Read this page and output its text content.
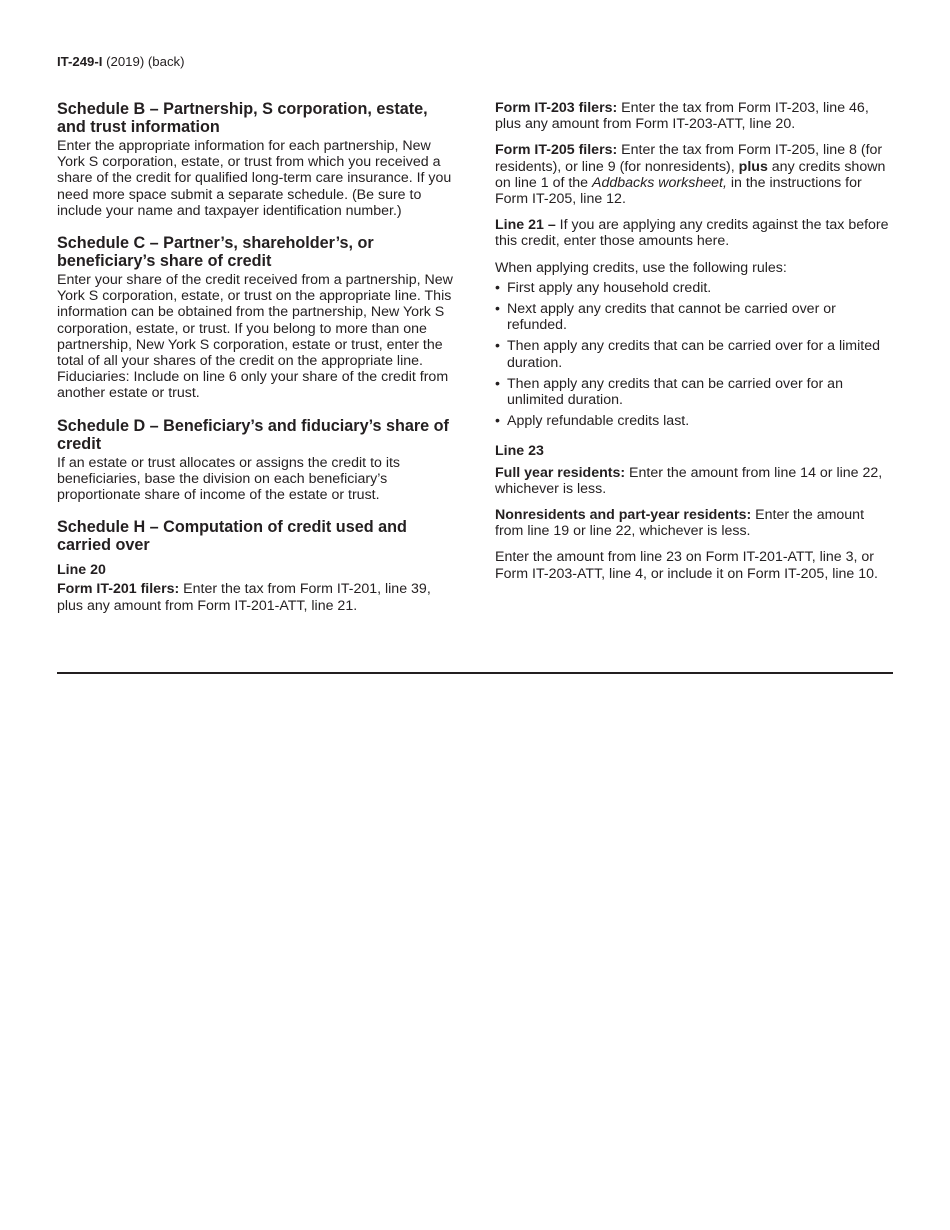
IT-249-I (2019) (back)
Schedule B – Partnership, S corporation, estate, and trust information

Enter the appropriate information for each partnership, New York S corporation, estate, or trust from which you received a share of the credit for qualified long-term care insurance. If you need more space submit a separate schedule. (Be sure to include your name and taxpayer identification number.)

Schedule C – Partner’s, shareholder’s, or beneficiary’s share of credit

Enter your share of the credit received from a partnership, New York S corporation, estate, or trust on the appropriate line. This information can be obtained from the partnership, New York S corporation, estate, or trust. If you belong to more than one partnership, New York S corporation, estate or trust, enter the total of all your shares of the credit on the appropriate line. Fiduciaries: Include on line 6 only your share of the credit from another estate or trust.

Schedule D – Beneficiary’s and fiduciary’s share of credit

If an estate or trust allocates or assigns the credit to its beneficiaries, base the division on each beneficiary’s proportionate share of income of the estate or trust.

Schedule H – Computation of credit used and carried over

Line 20

Form IT-201 filers: Enter the tax from Form IT-201, line 39, plus any amount from Form IT-201-ATT, line 21.

Form IT-203 filers: Enter the tax from Form IT-203, line 46, plus any amount from Form IT-203-ATT, line 20.

Form IT-205 filers: Enter the tax from Form IT-205, line 8 (for residents), or line 9 (for nonresidents), plus any credits shown on line 1 of the Addbacks worksheet, in the instructions for Form IT-205, line 12.

Line 21 – If you are applying any credits against the tax before this credit, enter those amounts here.

When applying credits, use the following rules:

• First apply any household credit.
• Next apply any credits that cannot be carried over or refunded.
• Then apply any credits that can be carried over for a limited duration.
• Then apply any credits that can be carried over for an unlimited duration.
• Apply refundable credits last.

Line 23

Full year residents: Enter the amount from line 14 or line 22, whichever is less.

Nonresidents and part-year residents: Enter the amount from line 19 or line 22, whichever is less.

Enter the amount from line 23 on Form IT-201-ATT, line 3, or Form IT-203-ATT, line 4, or include it on Form IT-205, line 10.
